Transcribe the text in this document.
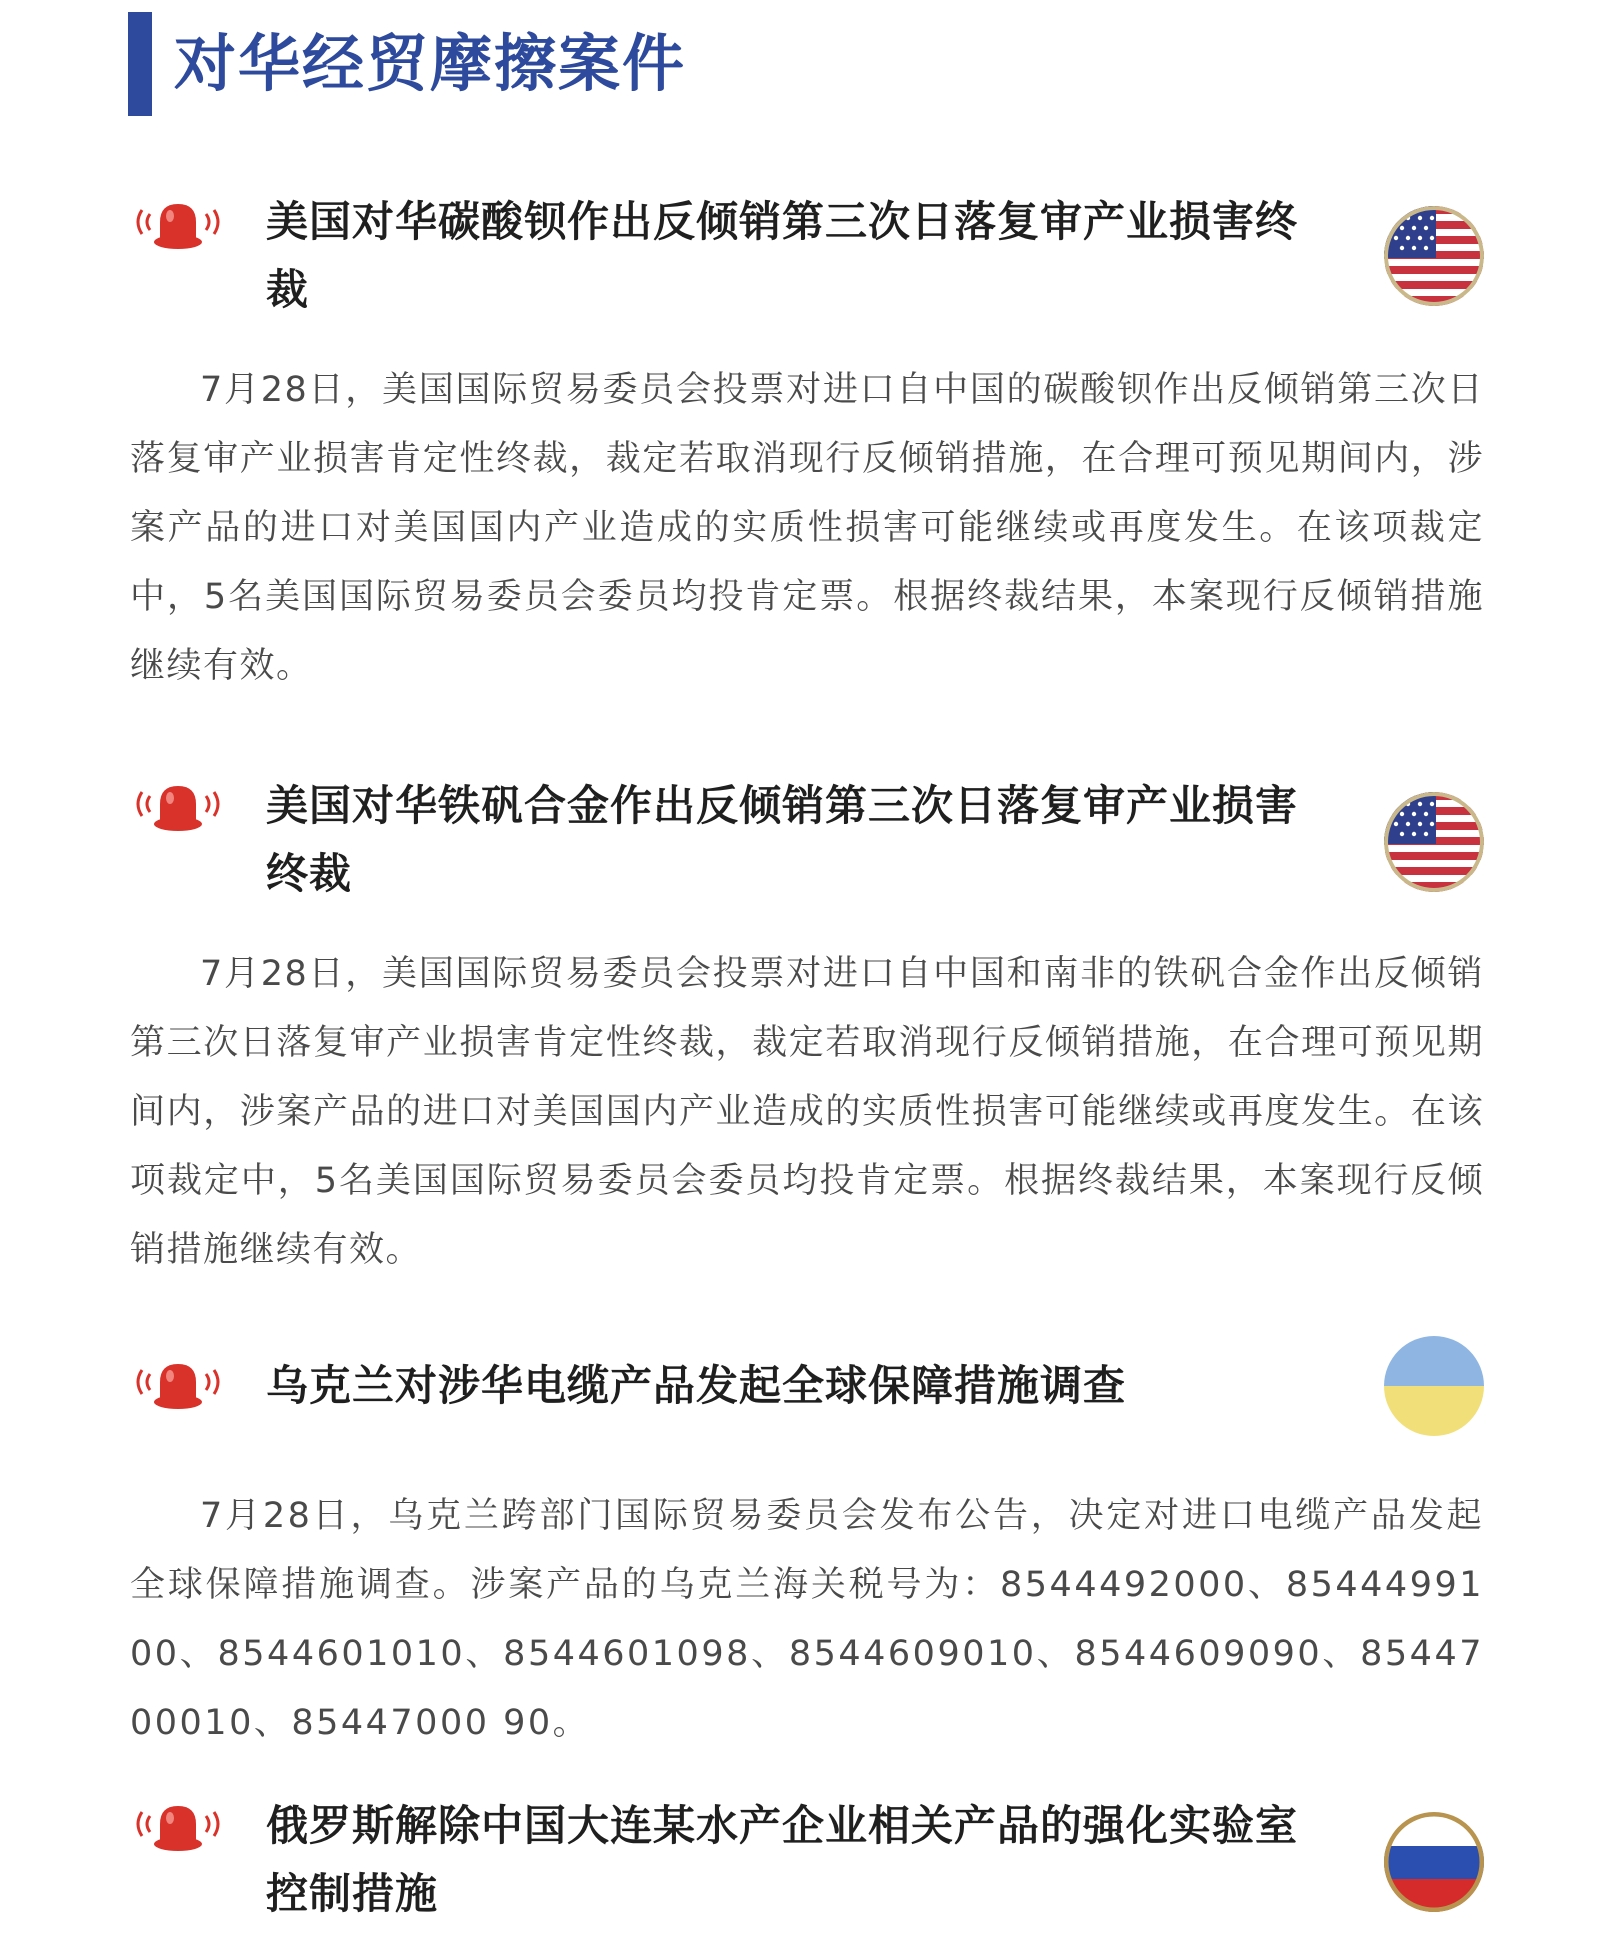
对华经贸摩擦案件
美国对华碳酸钡作出反倾销第三次日落复审产业损害终裁

7月28日，美国国际贸易委员会投票对进口自中国的碳酸钡作出反倾销第三次日落复审产业损害肯定性终裁，裁定若取消现行反倾销措施，在合理可预见期间内，涉案产品的进口对美国国内产业造成的实质性损害可能继续或再度发生。在该项裁定中，5名美国国际贸易委员会委员均投肯定票。根据终裁结果，本案现行反倾销措施继续有效。

美国对华铁矾合金作出反倾销第三次日落复审产业损害终裁

7月28日，美国国际贸易委员会投票对进口自中国和南非的铁矾合金作出反倾销第三次日落复审产业损害肯定性终裁，裁定若取消现行反倾销措施，在合理可预见期间内，涉案产品的进口对美国国内产业造成的实质性损害可能继续或再度发生。在该项裁定中，5名美国国际贸易委员会委员均投肯定票。根据终裁结果，本案现行反倾销措施继续有效。

乌克兰对涉华电缆产品发起全球保障措施调查

7月28日，乌克兰跨部门国际贸易委员会发布公告，决定对进口电缆产品发起全球保障措施调查。涉案产品的乌克兰海关税号为：8544492000、8544499100、8544601010、8544601098、8544609010、8544609090、8544700010、85447000 90。

俄罗斯解除中国大连某水产企业相关产品的强化实验室控制措施
